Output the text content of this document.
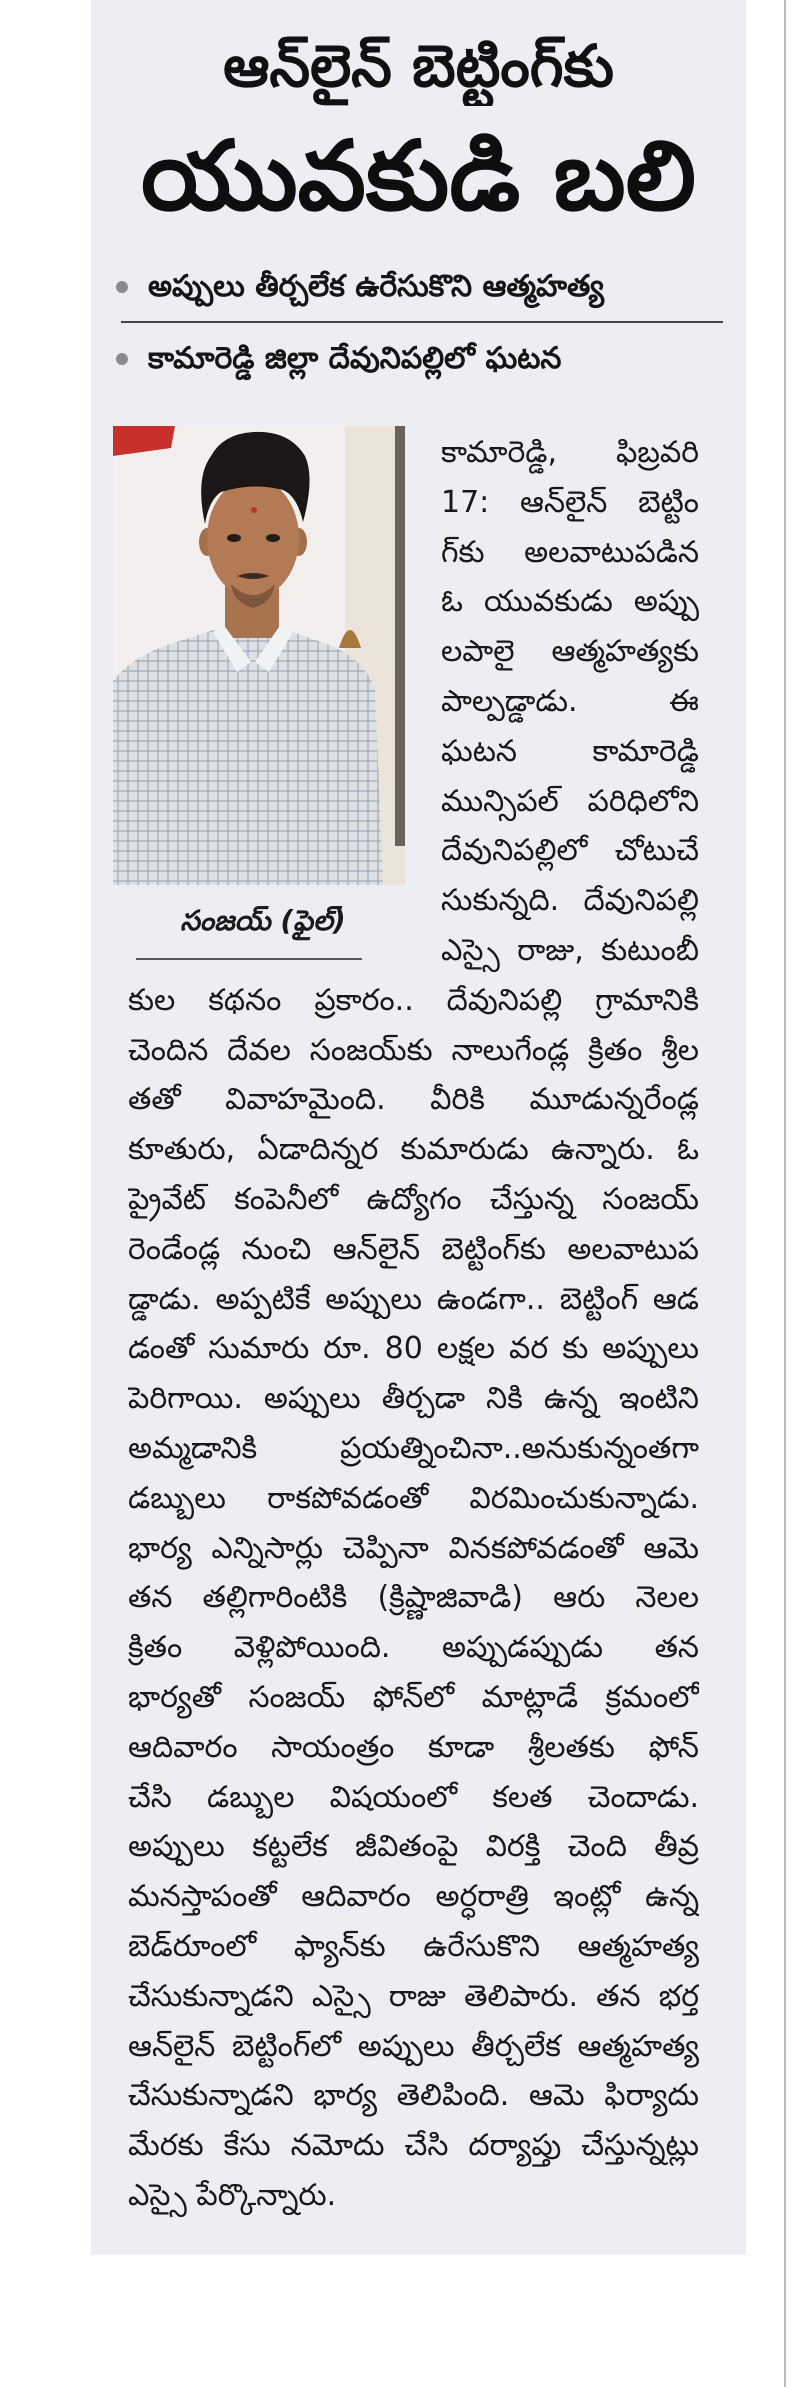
ఆన్‌లైన్ బెట్టింగ్‌కు
యువకుడి బలి
అప్పులు తీర్చలేక ఉరేసుకొని ఆత్మహత్య
కామారెడ్డి జిల్లా దేవునిపల్లిలో ఘటన
సంజయ్ (ఫైల్)
కామారెడ్డి, ఫిబ్రవరి
17: ఆన్‌లైన్ బెట్టిం
గ్‌కు అలవాటుపడిన
ఓ యువకుడు అప్పు
లపాలై ఆత్మహత్యకు
పాల్పడ్డాడు. ఈ
ఘటన కామారెడ్డి
మున్సిపల్ పరిధిలోని
దేవునిపల్లిలో చోటుచే
సుకున్నది. దేవునిపల్లి
ఎస్సై రాజు, కుటుంబీ
కుల కథనం ప్రకారం.. దేవునిపల్లి గ్రామానికి
చెందిన దేవల సంజయ్‌కు నాలుగేండ్ల క్రితం శ్రీల
తతో వివాహమైంది. వీరికి మూడున్నరేండ్ల
కూతురు, ఏడాదిన్నర కుమారుడు ఉన్నారు. ఓ
ప్రైవేట్ కంపెనీలో ఉద్యోగం చేస్తున్న సంజయ్
రెండేండ్ల నుంచి ఆన్‌లైన్ బెట్టింగ్‌కు అలవాటుప
డ్డాడు. అప్పటికే అప్పులు ఉండగా.. బెట్టింగ్ ఆడ
డంతో సుమారు రూ. 80 లక్షల వర కు అప్పులు
పెరిగాయి. అప్పులు తీర్చడా నికి ఉన్న ఇంటిని
అమ్మడానికి ప్రయత్నించినా..అనుకున్నంతగా
డబ్బులు రాకపోవడంతో విరమించుకున్నాడు.
భార్య ఎన్నిసార్లు చెప్పినా వినకపోవడంతో ఆమె
తన తల్లిగారింటికి (క్రిష్ణాజివాడి) ఆరు నెలల
క్రితం వెళ్లిపోయింది. అప్పుడప్పుడు తన
భార్యతో సంజయ్ ఫోన్‌లో మాట్లాడే క్రమంలో
ఆదివారం సాయంత్రం కూడా శ్రీలతకు ఫోన్
చేసి డబ్బుల విషయంలో కలత చెందాడు.
అప్పులు కట్టలేక జీవితంపై విరక్తి చెంది తీవ్ర
మనస్తాపంతో ఆదివారం అర్ధరాత్రి ఇంట్లో ఉన్న
బెడ్‌రూంలో ఫ్యాన్‌కు ఉరేసుకొని ఆత్మహత్య
చేసుకున్నాడని ఎస్సై రాజు తెలిపారు. తన భర్త
ఆన్‌లైన్ బెట్టింగ్‌లో అప్పులు తీర్చలేక ఆత్మహత్య
చేసుకున్నాడని భార్య తెలిపింది. ఆమె ఫిర్యాదు
మేరకు కేసు నమోదు చేసి దర్యాప్తు చేస్తున్నట్లు
ఎస్సై పేర్కొన్నారు.
